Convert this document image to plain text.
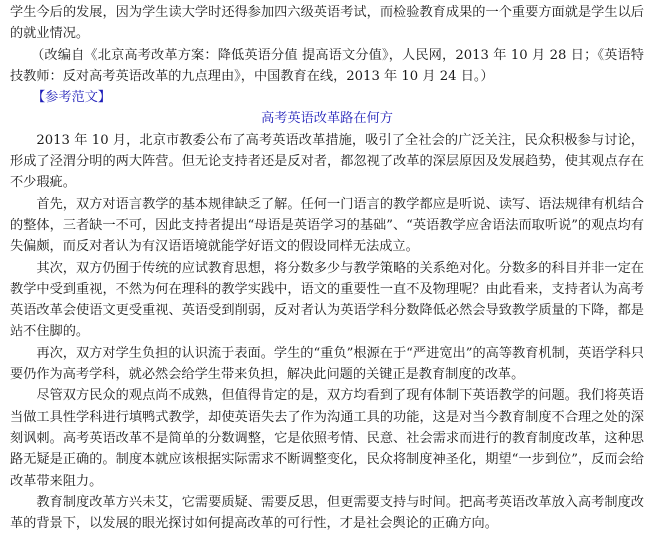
学生今后的发展，因为学生读大学时还得参加四六级英语考试，而检验教育成果的一个重要方面就是学生以后的就业情况。

（改编自《北京高考改革方案：降低英语分值 提高语文分值》，人民网，2013 年 10 月 28 日；《英语特技教师：反对高考英语改革的九点理由》，中国教育在线，2013 年 10 月 24 日。）

【参考范文】

高考英语改革路在何方

2013 年 10 月，北京市教委公布了高考英语改革措施，吸引了全社会的广泛关注，民众积极参与讨论，形成了泾渭分明的两大阵营。但无论支持者还是反对者，都忽视了改革的深层原因及发展趋势，使其观点存在不少瑕疵。

首先，双方对语言教学的基本规律缺乏了解。任何一门语言的教学都应是听说、读写、语法规律有机结合的整体，三者缺一不可，因此支持者提出“母语是英语学习的基础”、“英语教学应舍语法而取听说”的观点均有失偏颇，而反对者认为有汉语语境就能学好语文的假设同样无法成立。

其次，双方仍囿于传统的应试教育思想，将分数多少与教学策略的关系绝对化。分数多的科目并非一定在教学中受到重视，不然为何在理科的教学实践中，语文的重要性一直不及物理呢？由此看来，支持者认为高考英语改革会使语文更受重视、英语受到削弱，反对者认为英语学科分数降低必然会导致教学质量的下降，都是站不住脚的。

再次，双方对学生负担的认识流于表面。学生的“重负”根源在于“严进宽出”的高等教育机制，英语学科只要仍作为高考学科，就必然会给学生带来负担，解决此问题的关键正是教育制度的改革。

尽管双方民众的观点尚不成熟，但值得肯定的是，双方均看到了现有体制下英语教学的问题。我们将英语当做工具性学科进行填鸭式教学，却使英语失去了作为沟通工具的功能，这是对当今教育制度不合理之处的深刻讽刺。高考英语改革不是简单的分数调整，它是依照考情、民意、社会需求而进行的教育制度改革，这种思路无疑是正确的。制度本就应该根据实际需求不断调整变化，民众将制度神圣化，期望“一步到位”，反而会给改革带来阻力。

教育制度改革方兴未艾，它需要质疑、需要反思，但更需要支持与时间。把高考英语改革放入高考制度改革的背景下，以发展的眼光探讨如何提高改革的可行性，才是社会舆论的正确方向。
